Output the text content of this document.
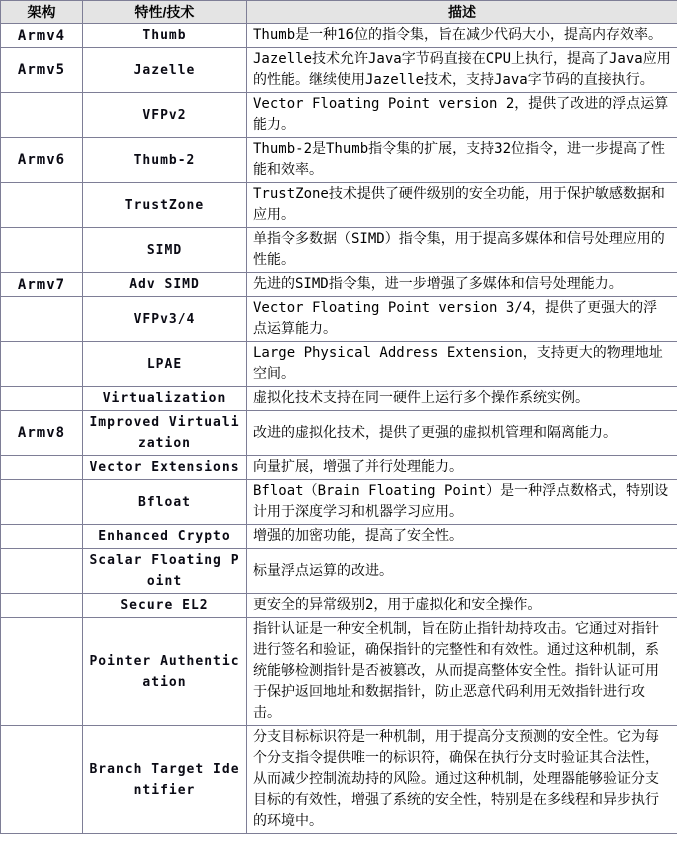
架构	特性/技术	描述
Armv4	Thumb	Thumb是一种16位的指令集，旨在减少代码大小，提高内存效率。
Armv5	Jazelle	Jazelle技术允许Java字节码直接在CPU上执行，提高了Java应用的性能。继续使用Jazelle技术，支持Java字节码的直接执行。
	VFPv2	Vector Floating Point version 2，提供了改进的浮点运算能力。
Armv6	Thumb-2	Thumb-2是Thumb指令集的扩展，支持32位指令，进一步提高了性能和效率。
	TrustZone	TrustZone技术提供了硬件级别的安全功能，用于保护敏感数据和应用。
	SIMD	单指令多数据（SIMD）指令集，用于提高多媒体和信号处理应用的性能。
Armv7	Adv SIMD	先进的SIMD指令集，进一步增强了多媒体和信号处理能力。
	VFPv3/4	Vector Floating Point version 3/4，提供了更强大的浮点运算能力。
	LPAE	Large Physical Address Extension，支持更大的物理地址空间。
	Virtualization	虚拟化技术支持在同一硬件上运行多个操作系统实例。
Armv8	Improved Virtualization	改进的虚拟化技术，提供了更强的虚拟机管理和隔离能力。
	Vector Extensions	向量扩展，增强了并行处理能力。
	Bfloat	Bfloat（Brain Floating Point）是一种浮点数格式，特别设计用于深度学习和机器学习应用。
	Enhanced Crypto	增强的加密功能，提高了安全性。
	Scalar Floating Point	标量浮点运算的改进。
	Secure EL2	更安全的异常级别2，用于虚拟化和安全操作。
	Pointer Authentication	指针认证是一种安全机制，旨在防止指针劫持攻击。它通过对指针进行签名和验证，确保指针的完整性和有效性。通过这种机制，系统能够检测指针是否被篡改，从而提高整体安全性。指针认证可用于保护返回地址和数据指针，防止恶意代码利用无效指针进行攻击。
	Branch Target Identifier	分支目标标识符是一种机制，用于提高分支预测的安全性。它为每个分支指令提供唯一的标识符，确保在执行分支时验证其合法性，从而减少控制流劫持的风险。通过这种机制，处理器能够验证分支目标的有效性，增强了系统的安全性，特别是在多线程和异步执行的环境中。
